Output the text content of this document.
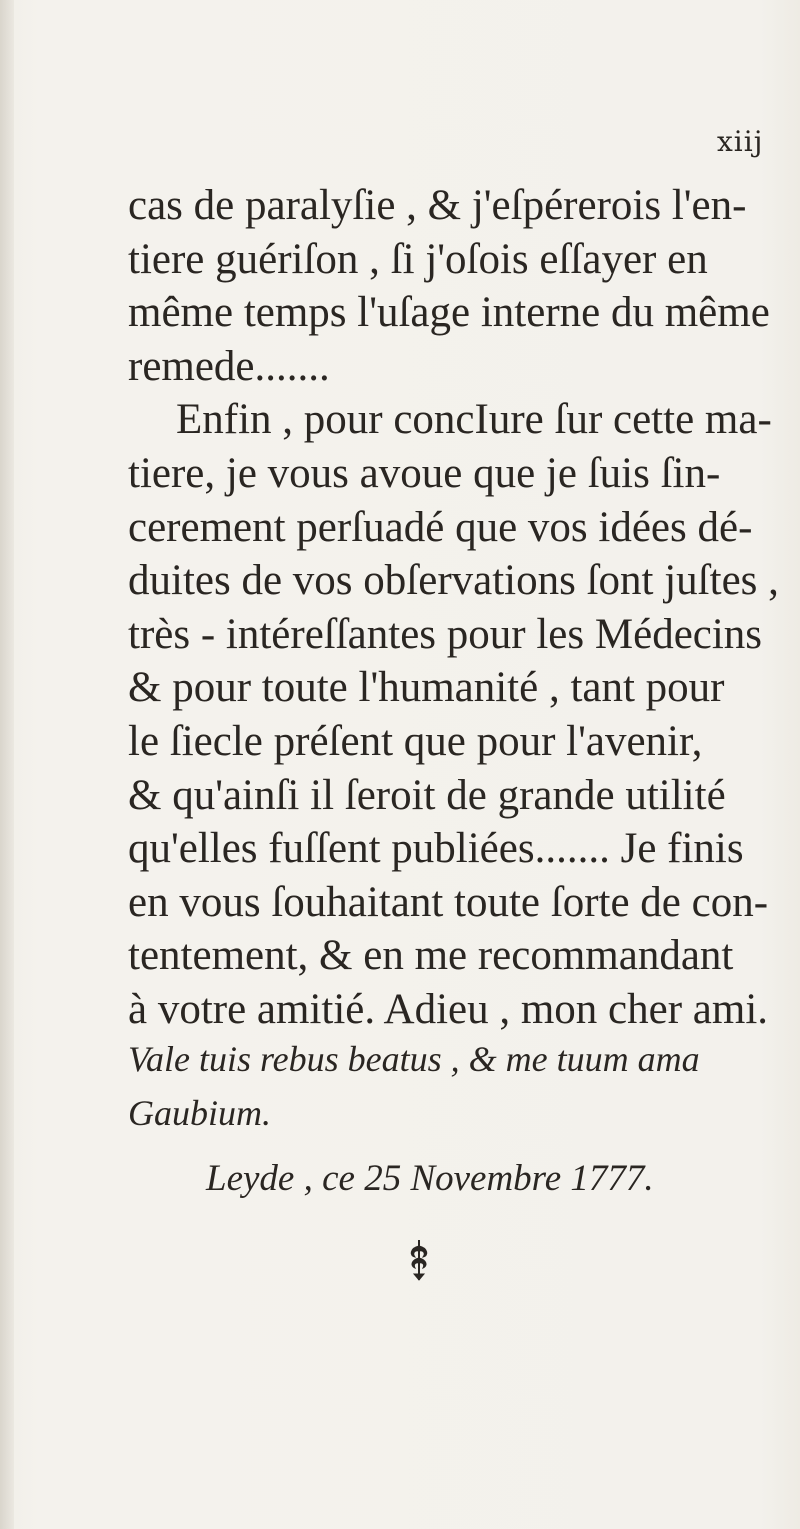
xiij
cas de paralyſie , & j'eſpérerois l'en-
tiere guériſon , ſi j'oſois eſſayer en
même temps l'uſage interne du même
remede.......
Enfin , pour concIure ſur cette ma-
tiere, je vous avoue que je ſuis ſin-
cerement perſuadé que vos idées dé-
duites de vos obſervations ſont juſtes ,
très - intéreſſantes pour les Médecins
& pour toute l'humanité , tant pour
le ſiecle préſent que pour l'avenir,
& qu'ainſi il ſeroit de grande utilité
qu'elles fuſſent publiées....... Je finis
en vous ſouhaitant toute ſorte de con-
tentement, & en me recommandant
à votre amitié. Adieu , mon cher ami.
Vale tuis rebus beatus , & me tuum ama
Gaubium.
Leyde , ce 25 Novembre 1777.
